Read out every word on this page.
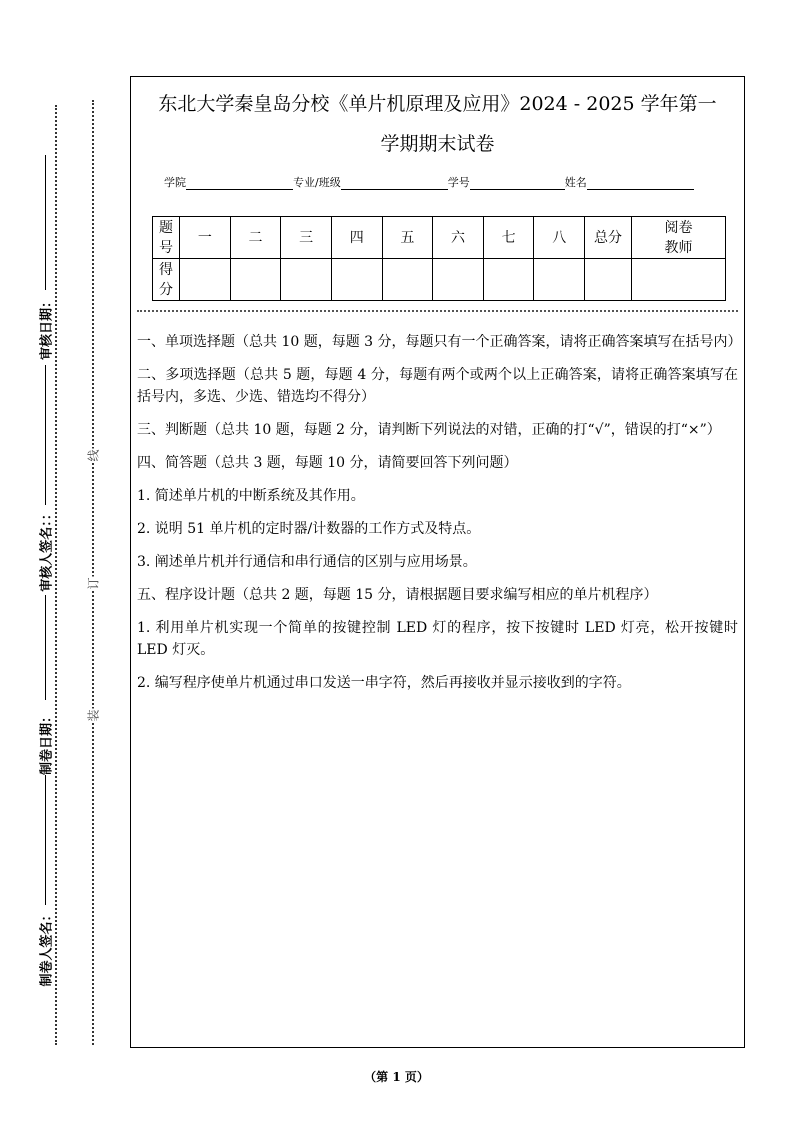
审核日期：
审核人签名：：
制卷日期：
制卷人签名：
线
订
装
东北大学秦皇岛分校《单片机原理及应用》2024 - 2025 学年第一
学期期末试卷
学院	专业/班级	学号	姓名
题号	一	二	三	四	五	六	七	八	总分	阅卷教师
得分										

一、单项选择题（总共 10 题，每题 3 分，每题只有一个正确答案，请将正确答案填写在括号内）

二、多项选择题（总共 5 题，每题 4 分，每题有两个或两个以上正确答案，请将正确答案填写在括号内，多选、少选、错选均不得分）

三、判断题（总共 10 题，每题 2 分，请判断下列说法的对错，正确的打“√”，错误的打“×”）

四、简答题（总共 3 题，每题 10 分，请简要回答下列问题）

1. 简述单片机的中断系统及其作用。

2. 说明 51 单片机的定时器/计数器的工作方式及特点。

3. 阐述单片机并行通信和串行通信的区别与应用场景。

五、程序设计题（总共 2 题，每题 15 分，请根据题目要求编写相应的单片机程序）

1. 利用单片机实现一个简单的按键控制 LED 灯的程序，按下按键时 LED 灯亮，松开按键时 LED 灯灭。

2. 编写程序使单片机通过串口发送一串字符，然后再接收并显示接收到的字符。

（第 1 页）
